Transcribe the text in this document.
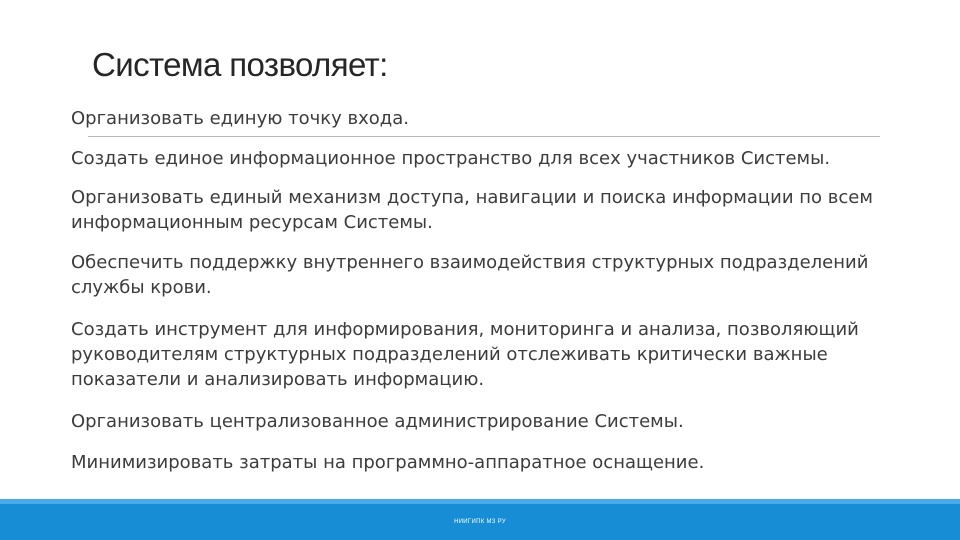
Система позволяет:
Организовать единую точку входа.
Создать единое информационное пространство для всех участников Системы.
Организовать единый механизм доступа, навигации и поиска информации по всем информационным ресурсам Системы.
Обеспечить поддержку внутреннего взаимодействия структурных подразделений службы крови.
Создать инструмент для информирования, мониторинга и анализа, позволяющий руководителям структурных подразделений отслеживать критически важные показатели и анализировать информацию.
Организовать централизованное администрирование Системы.
Минимизировать затраты на программно-аппаратное оснащение.
НИИГИПК МЗ РУ
